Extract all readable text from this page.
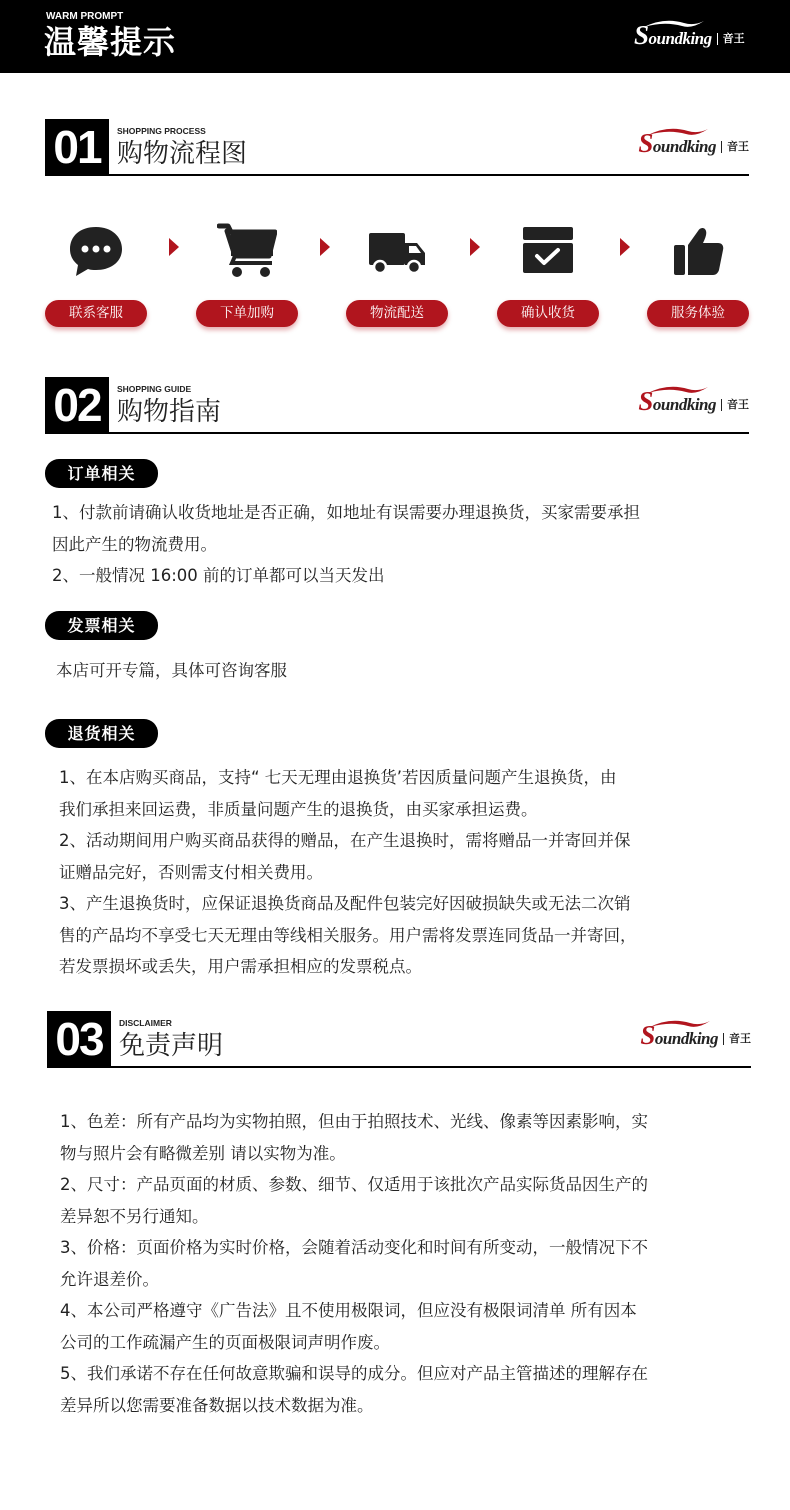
WARM PROMPT
温馨提示	Soundking 音王
01	SHOPPING PROCESS
购物流程图	Soundking 音王
联系客服	下单加购	物流配送	确认收货	服务体验
02	SHOPPING GUIDE
购物指南	Soundking 音王
订单相关

1、付款前请确认收货地址是否正确，如地址有误需要办理退换货，买家需要承担

因此产生的物流费用。

2、一般情况 16:00 前的订单都可以当天发出

发票相关

本店可开专篇，具体可咨询客服

退货相关

1、在本店购买商品，支持“ 七天无理由退换货’若因质量问题产生退换货，由

我们承担来回运费，非质量问题产生的退换货，由买家承担运费。

2、活动期间用户购买商品获得的赠品，在产生退换时，需将赠品一并寄回并保

证赠品完好，否则需支付相关费用。

3、产生退换货时，应保证退换货商品及配件包装完好因破损缺失或无法二次销

售的产品均不享受七天无理由等线相关服务。用户需将发票连同货品一并寄回，

若发票损坏或丢失，用户需承担相应的发票税点。

03	DISCLAIMER
免责声明	Soundking 音王

1、色差：所有产品均为实物拍照，但由于拍照技术、光线、像素等因素影响，实

物与照片会有略微差别 请以实物为准。

2、尺寸：产品页面的材质、参数、细节、仅适用于该批次产品实际货品因生产的

差异恕不另行通知。

3、价格：页面价格为实时价格，会随着活动变化和时间有所变动，一般情况下不

允许退差价。

4、本公司严格遵守《广告法》且不使用极限词，但应没有极限词清单 所有因本

公司的工作疏漏产生的页面极限词声明作废。

5、我们承诺不存在任何故意欺骗和误导的成分。但应对产品主管描述的理解存在

差异所以您需要准备数据以技术数据为准。
